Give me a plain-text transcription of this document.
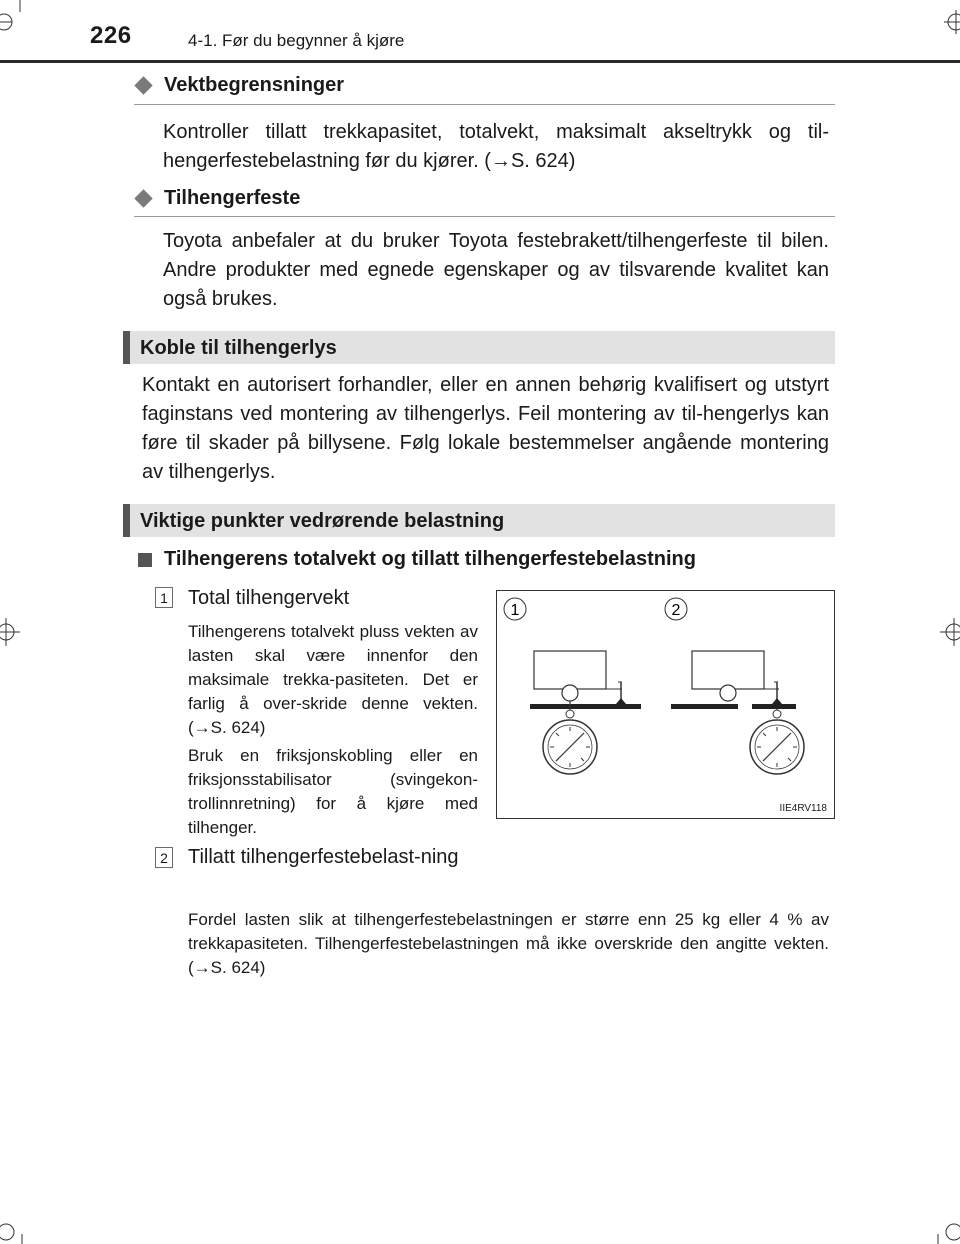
226	4-1. Før du begynner å kjøre
Vektbegrensninger
Kontroller tillatt trekkapasitet, totalvekt, maksimalt akseltrykk og til-hengerfestebelastning før du kjører. (→S. 624)
Tilhengerfeste
Toyota anbefaler at du bruker Toyota festebrakett/tilhengerfeste til bilen. Andre produkter med egnede egenskaper og av tilsvarende kvalitet kan også brukes.
Koble til tilhengerlys
Kontakt en autorisert forhandler, eller en annen behørig kvalifisert og utstyrt faginstans ved montering av tilhengerlys. Feil montering av til-hengerlys kan føre til skader på billysene. Følg lokale bestemmelser angående montering av tilhengerlys.
Viktige punkter vedrørende belastning
Tilhengerens totalvekt og tillatt tilhengerfestebelastning
1 Total tilhengervekt
Tilhengerens totalvekt pluss vekten av lasten skal være innenfor den maksimale trekka-pasiteten. Det er farlig å over-skride denne vekten. (→S. 624)
Bruk en friksjonskobling eller en friksjonsstabilisator (svingekon-trollinnretning) for å kjøre med tilhenger.
2 Tillatt tilhengerfestebelast-ning
Fordel lasten slik at tilhengerfestebelastningen er større enn 25 kg eller 4 % av trekkapasiteten. Tilhengerfestebelastningen må ikke overskride den angitte vekten. (→S. 624)
1	2
IIE4RV118
